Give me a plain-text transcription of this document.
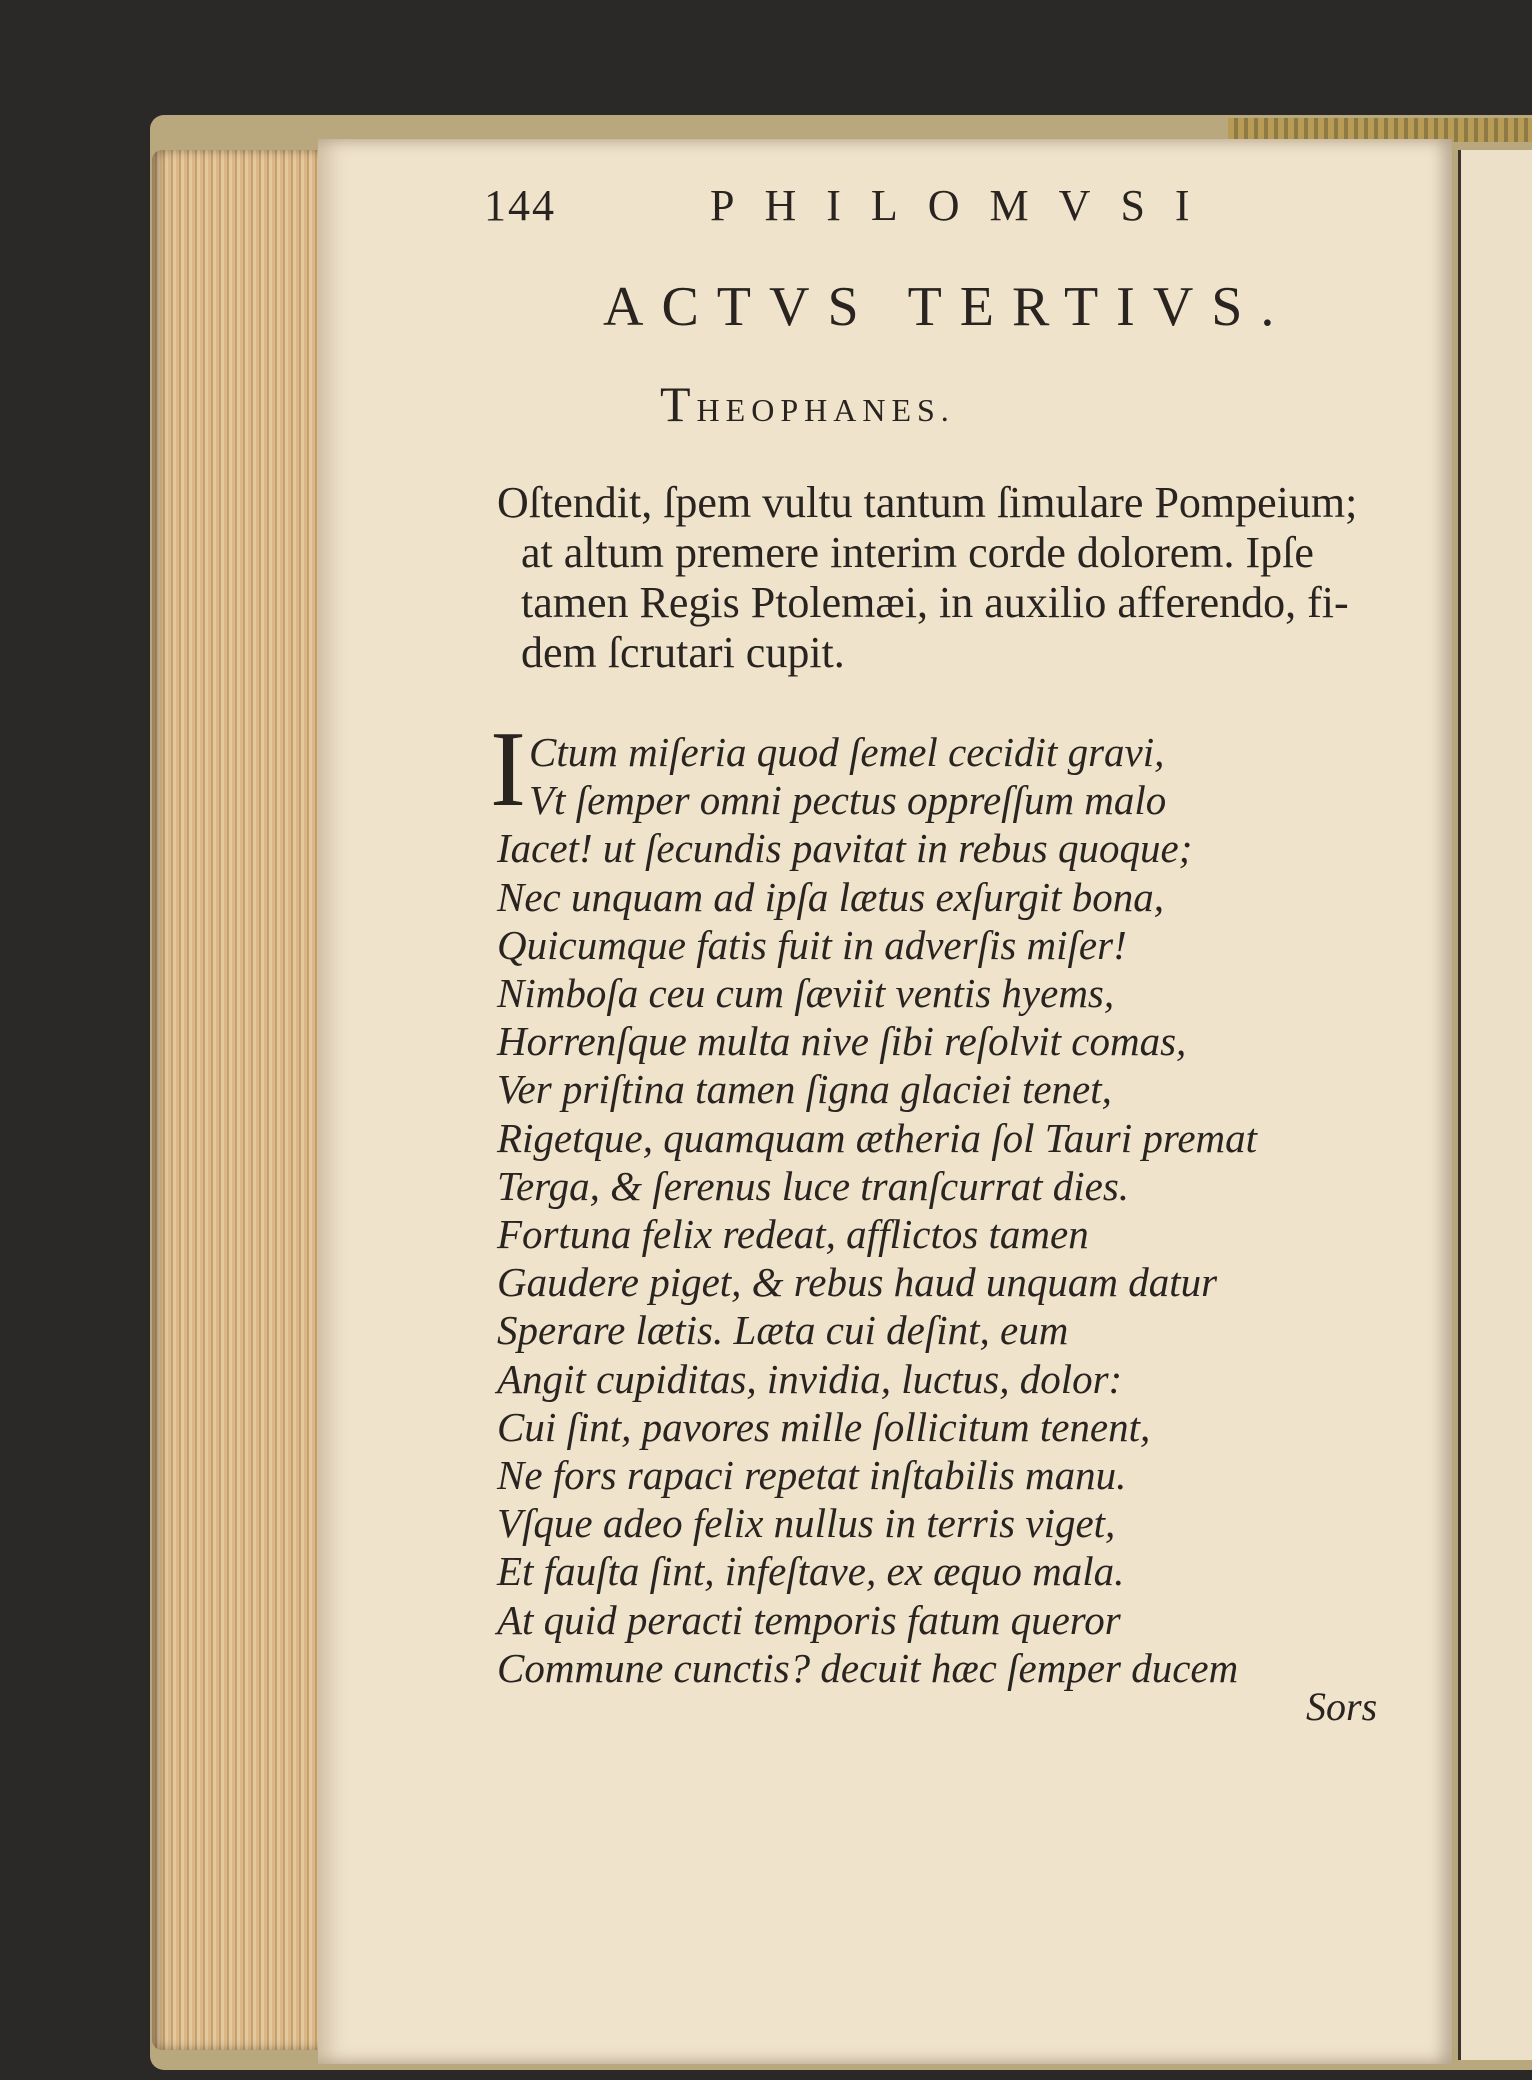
144	PHILOMVSI
ACTVS TERTIVS.
THEOPHANES.
Oſtendit, ſpem vultu tantum ſimulare Pompeium;
at altum premere interim corde dolorem. Ipſe
tamen Regis Ptolemæi, in auxilio afferendo, fi-
dem ſcrutari cupit.
I Ctum miſeria quod ſemel cecidit gravi,
Vt ſemper omni pectus oppreſſum malo
Iacet! ut ſecundis pavitat in rebus quoque;
Nec unquam ad ipſa lætus exſurgit bona,
Quicumque fatis fuit in adverſis miſer!
Nimboſa ceu cum ſæviit ventis hyems,
Horrenſque multa nive ſibi reſolvit comas,
Ver priſtina tamen ſigna glaciei tenet,
Rigetque, quamquam ætheria ſol Tauri premat
Terga, & ſerenus luce tranſcurrat dies.
Fortuna felix redeat, afflictos tamen
Gaudere piget, & rebus haud unquam datur
Sperare lætis. Læta cui deſint, eum
Angit cupiditas, invidia, luctus, dolor:
Cui ſint, pavores mille ſollicitum tenent,
Ne fors rapaci repetat inſtabilis manu.
Vſque adeo felix nullus in terris viget,
Et fauſta ſint, infeſtave, ex æquo mala.
At quid peracti temporis fatum queror
Commune cunctis? decuit hæc ſemper ducem
Sors
